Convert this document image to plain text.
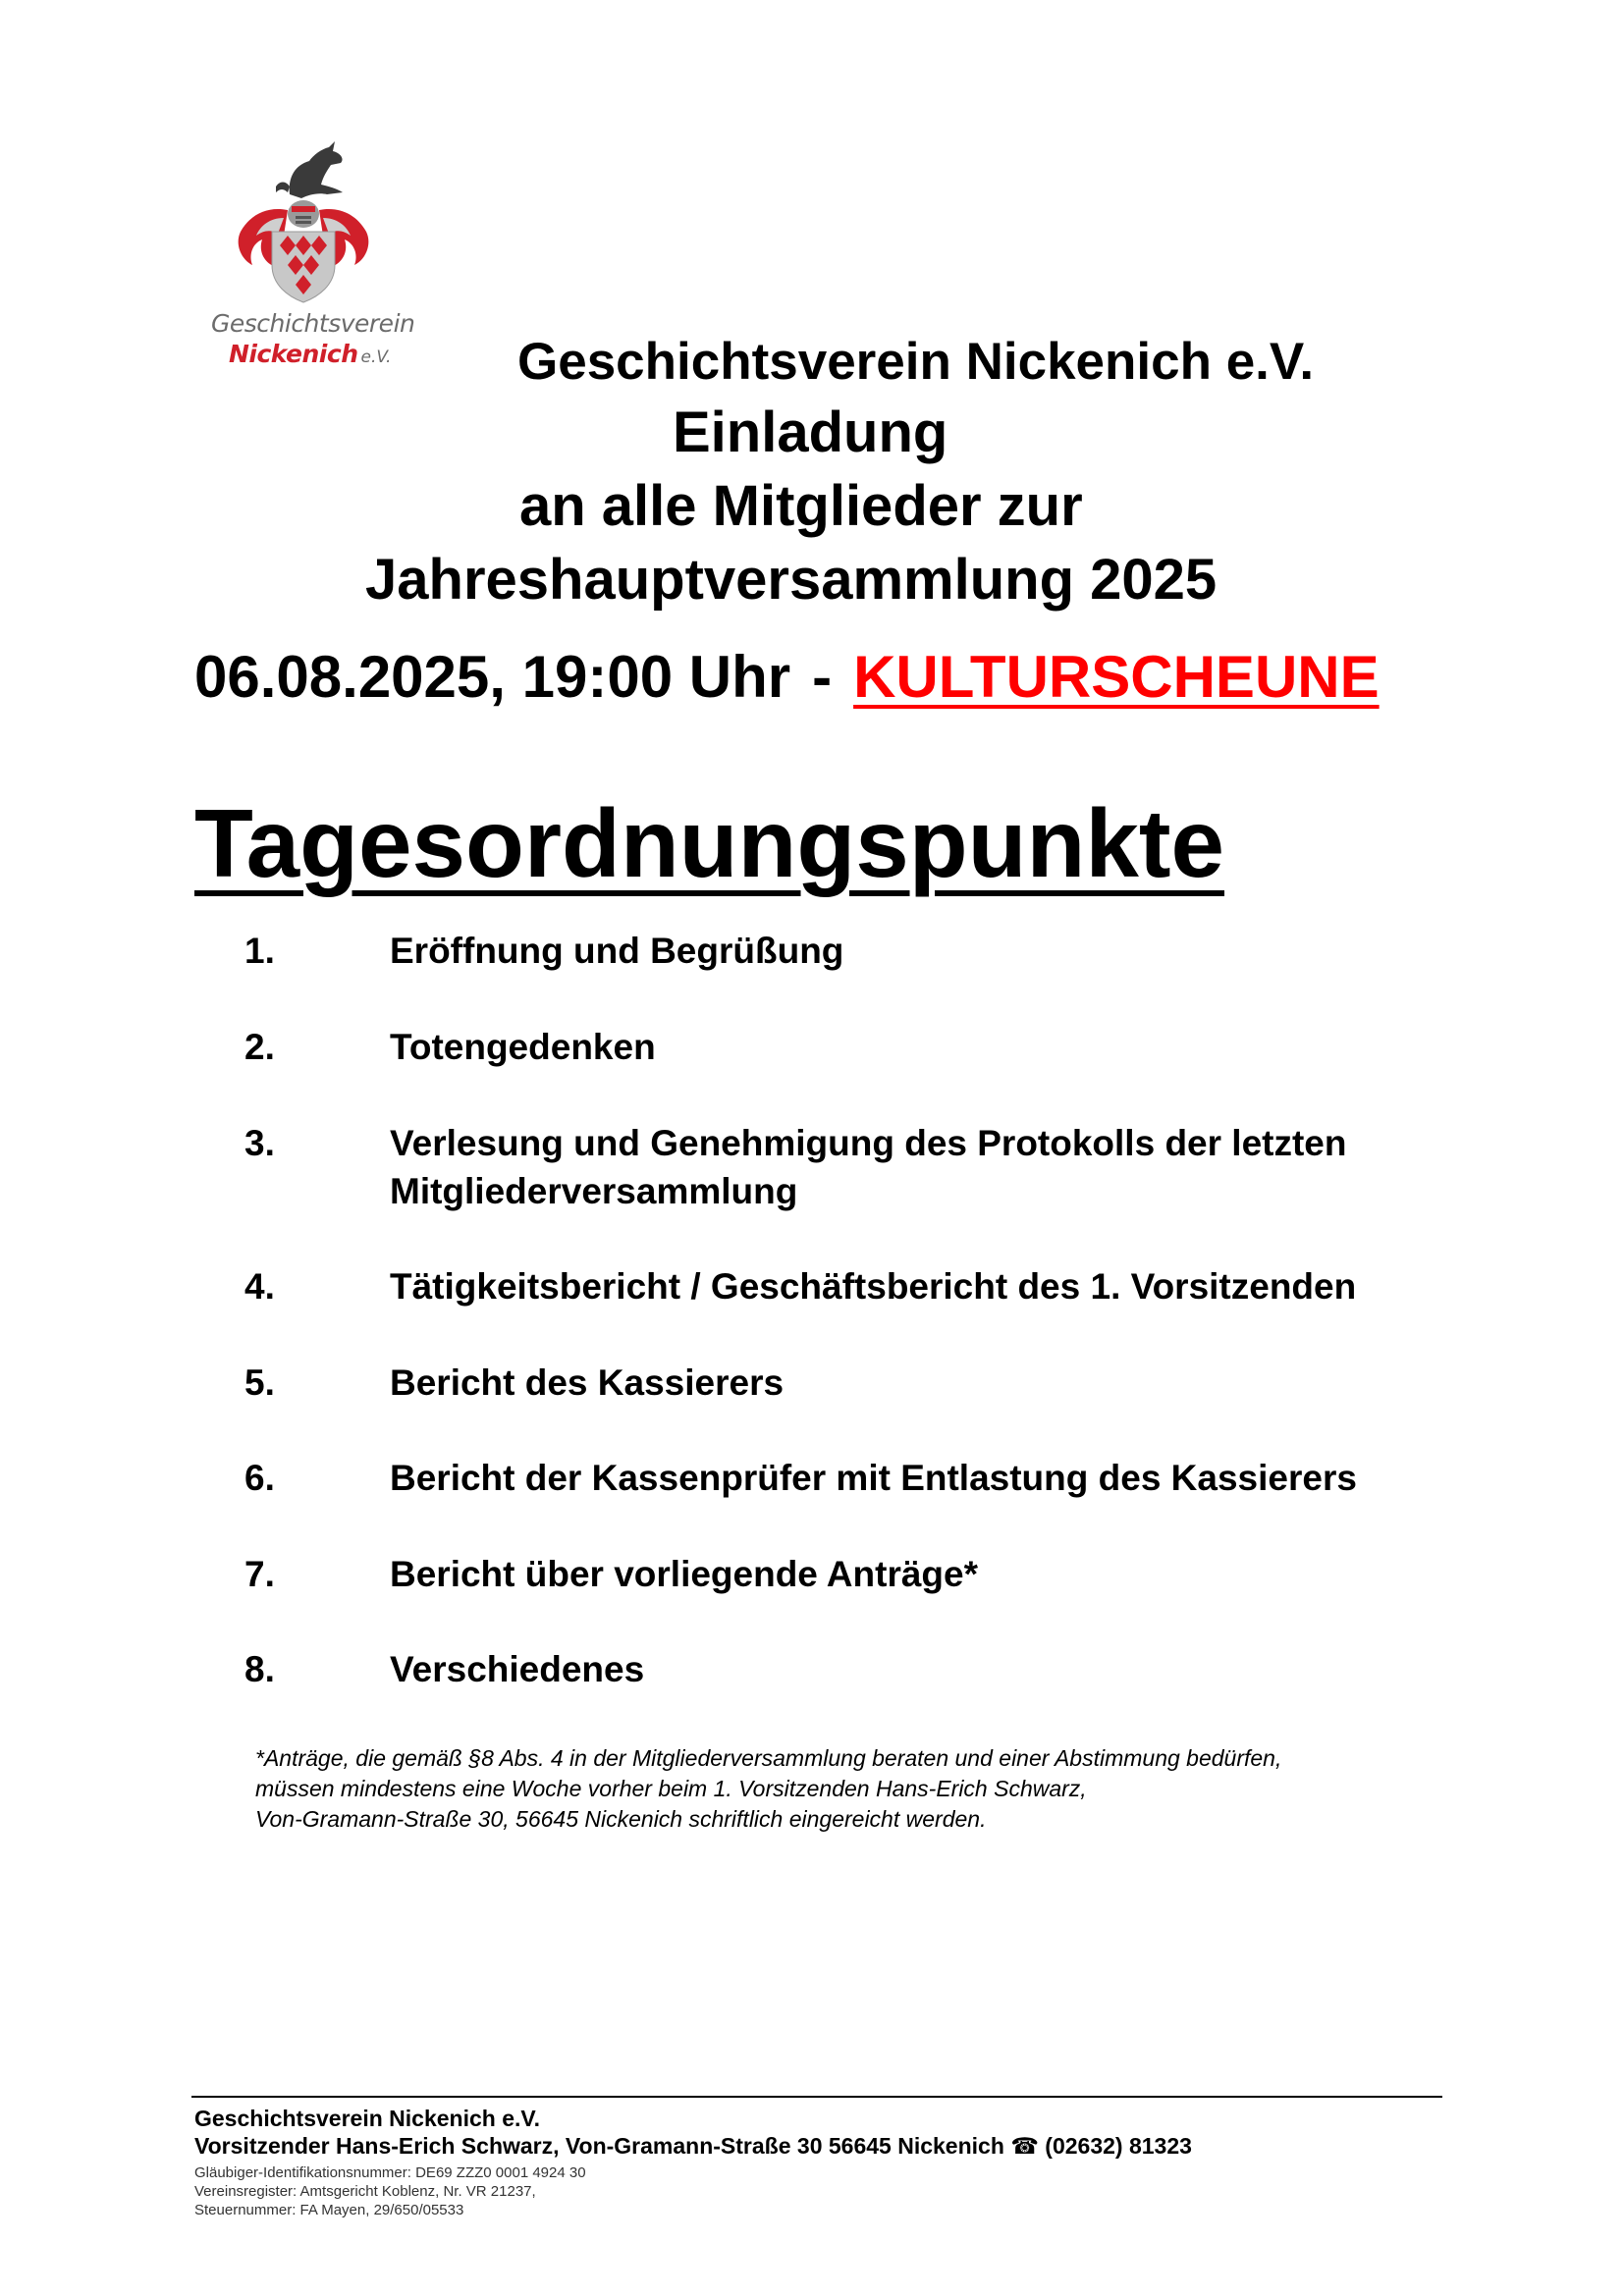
Geschichtsverein
Nickenich e.V. Geschichtsverein Nickenich e.V.
Einladung
an alle Mitglieder zur
Jahreshauptversammlung 2025
06.08.2025, 19:00 Uhr - KULTURSCHEUNE
Tagesordnungspunkte
1.	Eröffnung und Begrüßung
2.	Totengedenken
3.	Verlesung und Genehmigung des Protokolls der letzten Mitgliederversammlung
4.	Tätigkeitsbericht / Geschäftsbericht des 1. Vorsitzenden
5.	Bericht des Kassierers
6.	Bericht der Kassenprüfer mit Entlastung des Kassierers
7.	Bericht über vorliegende Anträge*
8.	Verschiedenes
*Anträge, die gemäß §8 Abs. 4 in der Mitgliederversammlung beraten und einer Abstimmung bedürfen,
müssen mindestens eine Woche vorher beim 1. Vorsitzenden Hans-Erich Schwarz,
Von-Gramann-Straße 30, 56645 Nickenich schriftlich eingereicht werden.
Geschichtsverein Nickenich e.V.
Vorsitzender Hans-Erich Schwarz, Von-Gramann-Straße 30 56645 Nickenich ☎ (02632) 81323
Gläubiger-Identifikationsnummer: DE69 ZZZ0 0001 4924 30
Vereinsregister: Amtsgericht Koblenz, Nr. VR 21237,
Steuernummer: FA Mayen, 29/650/05533
